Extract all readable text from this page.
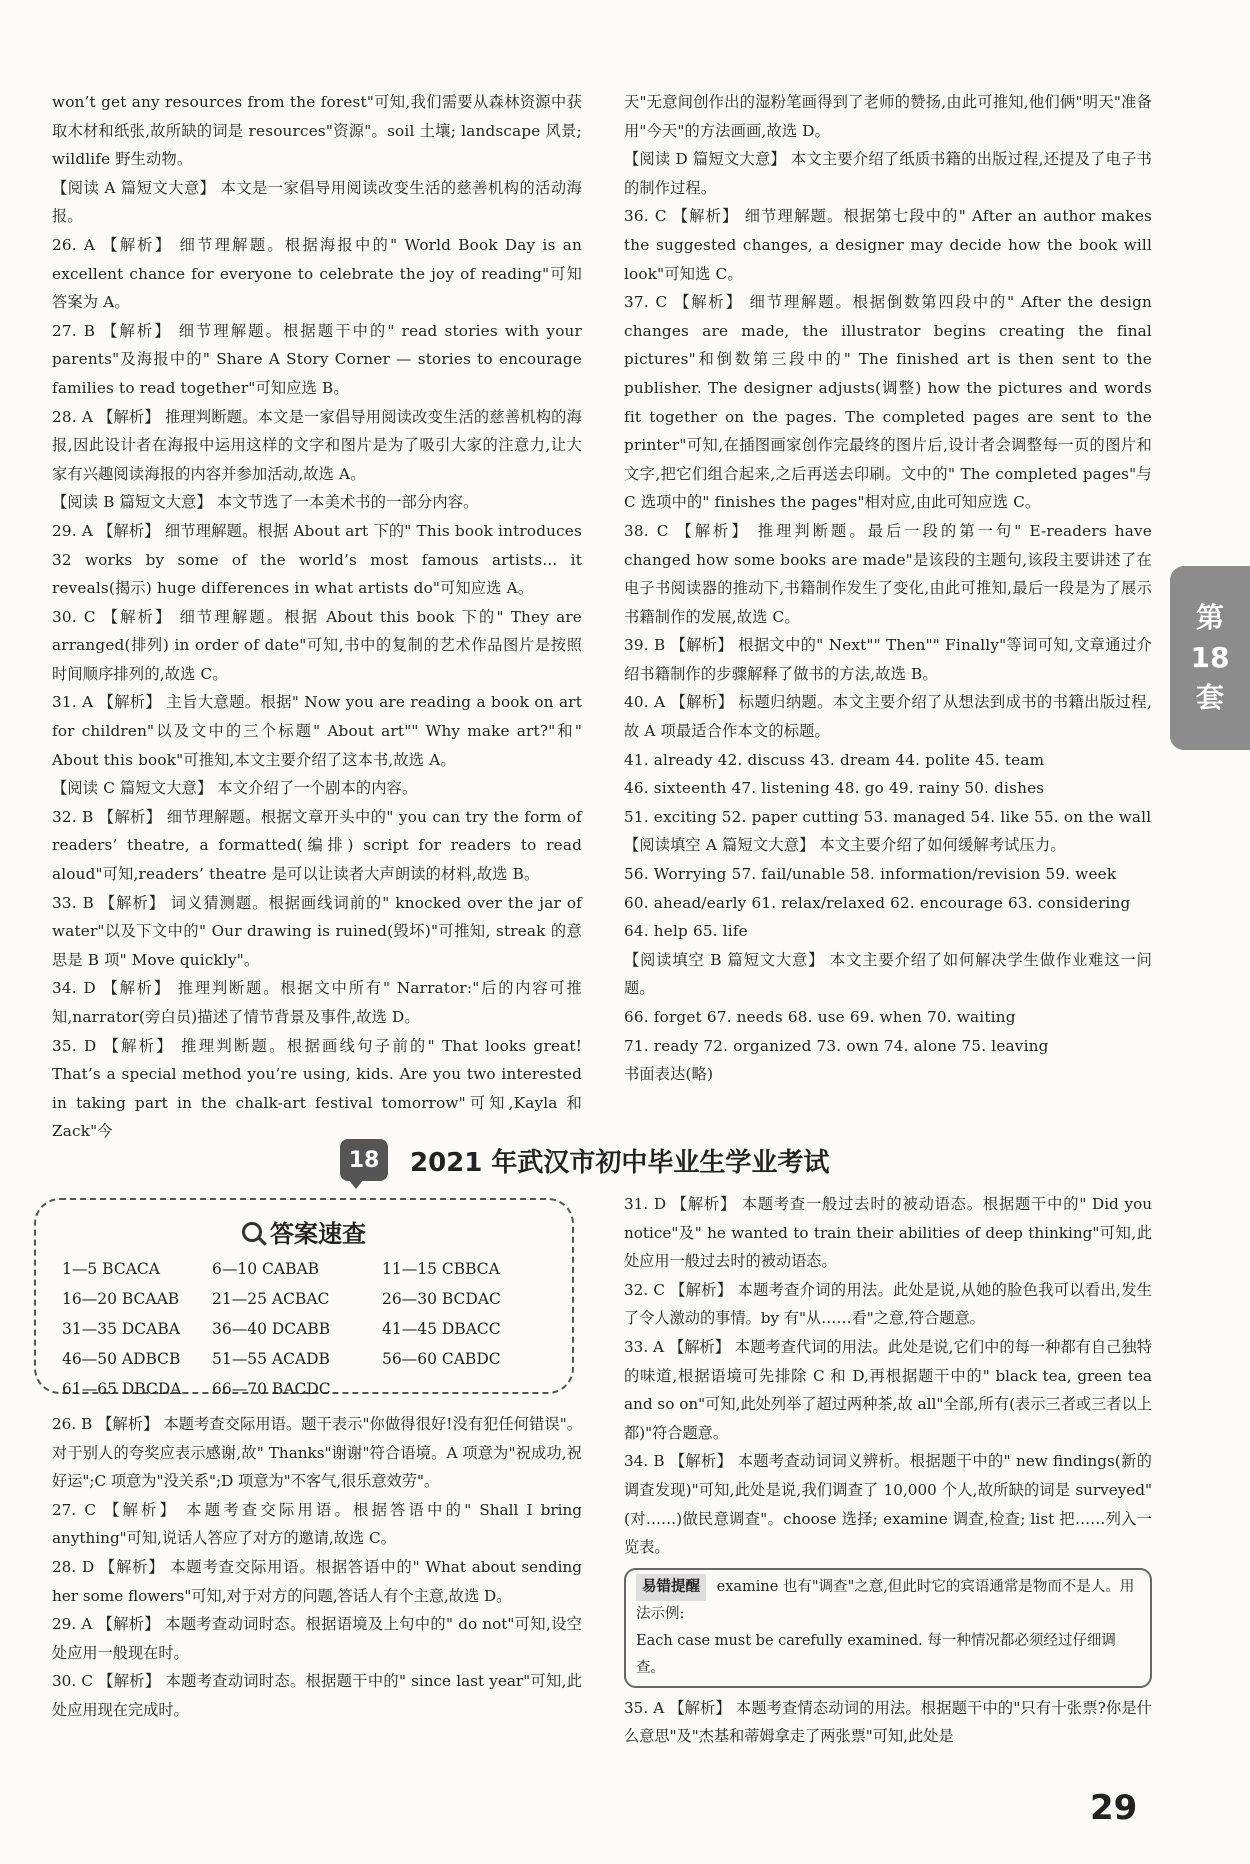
won’t get any resources from the forest"可知,我们需要从森林资源中获取木材和纸张,故所缺的词是 resources"资源"。soil 土壤; landscape 风景; wildlife 野生动物。

【阅读 A 篇短文大意】 本文是一家倡导用阅读改变生活的慈善机构的活动海报。

26. A 【解析】 细节理解题。根据海报中的" World Book Day is an excellent chance for everyone to celebrate the joy of reading"可知答案为 A。

27. B 【解析】 细节理解题。根据题干中的" read stories with your parents"及海报中的" Share A Story Corner — stories to encourage families to read together"可知应选 B。

28. A 【解析】 推理判断题。本文是一家倡导用阅读改变生活的慈善机构的海报,因此设计者在海报中运用这样的文字和图片是为了吸引大家的注意力,让大家有兴趣阅读海报的内容并参加活动,故选 A。

【阅读 B 篇短文大意】 本文节选了一本美术书的一部分内容。

29. A 【解析】 细节理解题。根据 About art 下的" This book introduces 32 works by some of the world’s most famous artists... it reveals(揭示) huge differences in what artists do"可知应选 A。

30. C 【解析】 细节理解题。根据 About this book 下的" They are arranged(排列) in order of date"可知,书中的复制的艺术作品图片是按照时间顺序排列的,故选 C。

31. A 【解析】 主旨大意题。根据" Now you are reading a book on art for children"以及文中的三个标题" About art"" Why make art?"和" About this book"可推知,本文主要介绍了这本书,故选 A。

【阅读 C 篇短文大意】 本文介绍了一个剧本的内容。

32. B 【解析】 细节理解题。根据文章开头中的" you can try the form of readers’ theatre, a formatted(编排) script for readers to read aloud"可知,readers’ theatre 是可以让读者大声朗读的材料,故选 B。

33. B 【解析】 词义猜测题。根据画线词前的" knocked over the jar of water"以及下文中的" Our drawing is ruined(毁坏)"可推知, streak 的意思是 B 项" Move quickly"。

34. D 【解析】 推理判断题。根据文中所有" Narrator:"后的内容可推知,narrator(旁白员)描述了情节背景及事件,故选 D。

35. D 【解析】 推理判断题。根据画线句子前的" That looks great! That’s a special method you’re using, kids. Are you two interested in taking part in the chalk-art festival tomorrow"可知,Kayla 和 Zack"今

天"无意间创作出的湿粉笔画得到了老师的赞扬,由此可推知,他们俩"明天"准备用"今天"的方法画画,故选 D。

【阅读 D 篇短文大意】 本文主要介绍了纸质书籍的出版过程,还提及了电子书的制作过程。

36. C 【解析】 细节理解题。根据第七段中的" After an author makes the suggested changes, a designer may decide how the book will look"可知选 C。

37. C 【解析】 细节理解题。根据倒数第四段中的" After the design changes are made, the illustrator begins creating the final pictures"和倒数第三段中的" The finished art is then sent to the publisher. The designer adjusts(调整) how the pictures and words fit together on the pages. The completed pages are sent to the printer"可知,在插图画家创作完最终的图片后,设计者会调整每一页的图片和文字,把它们组合起来,之后再送去印刷。文中的" The completed pages"与 C 选项中的" finishes the pages"相对应,由此可知应选 C。

38. C 【解析】 推理判断题。最后一段的第一句" E-readers have changed how some books are made"是该段的主题句,该段主要讲述了在电子书阅读器的推动下,书籍制作发生了变化,由此可推知,最后一段是为了展示书籍制作的发展,故选 C。

39. B 【解析】 根据文中的" Next"" Then"" Finally"等词可知,文章通过介绍书籍制作的步骤解释了做书的方法,故选 B。

40. A 【解析】 标题归纳题。本文主要介绍了从想法到成书的书籍出版过程,故 A 项最适合作本文的标题。

41. already 42. discuss 43. dream 44. polite 45. team

46. sixteenth 47. listening 48. go 49. rainy 50. dishes

51. exciting 52. paper cutting 53. managed 54. like 55. on the wall

【阅读填空 A 篇短文大意】 本文主要介绍了如何缓解考试压力。

56. Worrying 57. fail/unable 58. information/revision 59. week

60. ahead/early 61. relax/relaxed 62. encourage 63. considering

64. help 65. life

【阅读填空 B 篇短文大意】 本文主要介绍了如何解决学生做作业难这一问题。

66. forget 67. needs 68. use 69. when 70. waiting

71. ready 72. organized 73. own 74. alone 75. leaving

书面表达(略)

第
18
套
18	2021 年武汉市初中毕业生学业考试
答案速查
1—5 BCACA	6—10 CABAB	11—15 CBBCA
16—20 BCAAB	21—25 ACBAC	26—30 BCDAC
31—35 DCABA	36—40 DCABB	41—45 DBACC
46—50 ADBCB	51—55 ACADB	56—60 CABDC
61—65 DBCDA	66—70 BACDC

26. B 【解析】 本题考查交际用语。题干表示"你做得很好!没有犯任何错误"。对于别人的夸奖应表示感谢,故" Thanks"谢谢"符合语境。A 项意为"祝成功,祝好运";C 项意为"没关系";D 项意为"不客气,很乐意效劳"。

27. C 【解析】 本题考查交际用语。根据答语中的" Shall I bring anything"可知,说话人答应了对方的邀请,故选 C。

28. D 【解析】 本题考查交际用语。根据答语中的" What about sending her some flowers"可知,对于对方的问题,答话人有个主意,故选 D。

29. A 【解析】 本题考查动词时态。根据语境及上句中的" do not"可知,设空处应用一般现在时。

30. C 【解析】 本题考查动词时态。根据题干中的" since last year"可知,此处应用现在完成时。

31. D 【解析】 本题考查一般过去时的被动语态。根据题干中的" Did you notice"及" he wanted to train their abilities of deep thinking"可知,此处应用一般过去时的被动语态。

32. C 【解析】 本题考查介词的用法。此处是说,从她的脸色我可以看出,发生了令人激动的事情。by 有"从……看"之意,符合题意。

33. A 【解析】 本题考查代词的用法。此处是说,它们中的每一种都有自己独特的味道,根据语境可先排除 C 和 D,再根据题干中的" black tea, green tea and so on"可知,此处列举了超过两种茶,故 all"全部,所有(表示三者或三者以上都)"符合题意。

34. B 【解析】 本题考查动词词义辨析。根据题干中的" new findings(新的调查发现)"可知,此处是说,我们调查了 10,000 个人,故所缺的词是 surveyed"(对……)做民意调查"。choose 选择; examine 调查,检查; list 把……列入一览表。

易错提醒 examine 也有"调查"之意,但此时它的宾语通常是物而不是人。用法示例:
Each case must be carefully examined. 每一种情况都必须经过仔细调查。

35. A 【解析】 本题考查情态动词的用法。根据题干中的"只有十张票?你是什么意思"及"杰基和蒂姆拿走了两张票"可知,此处是

29
